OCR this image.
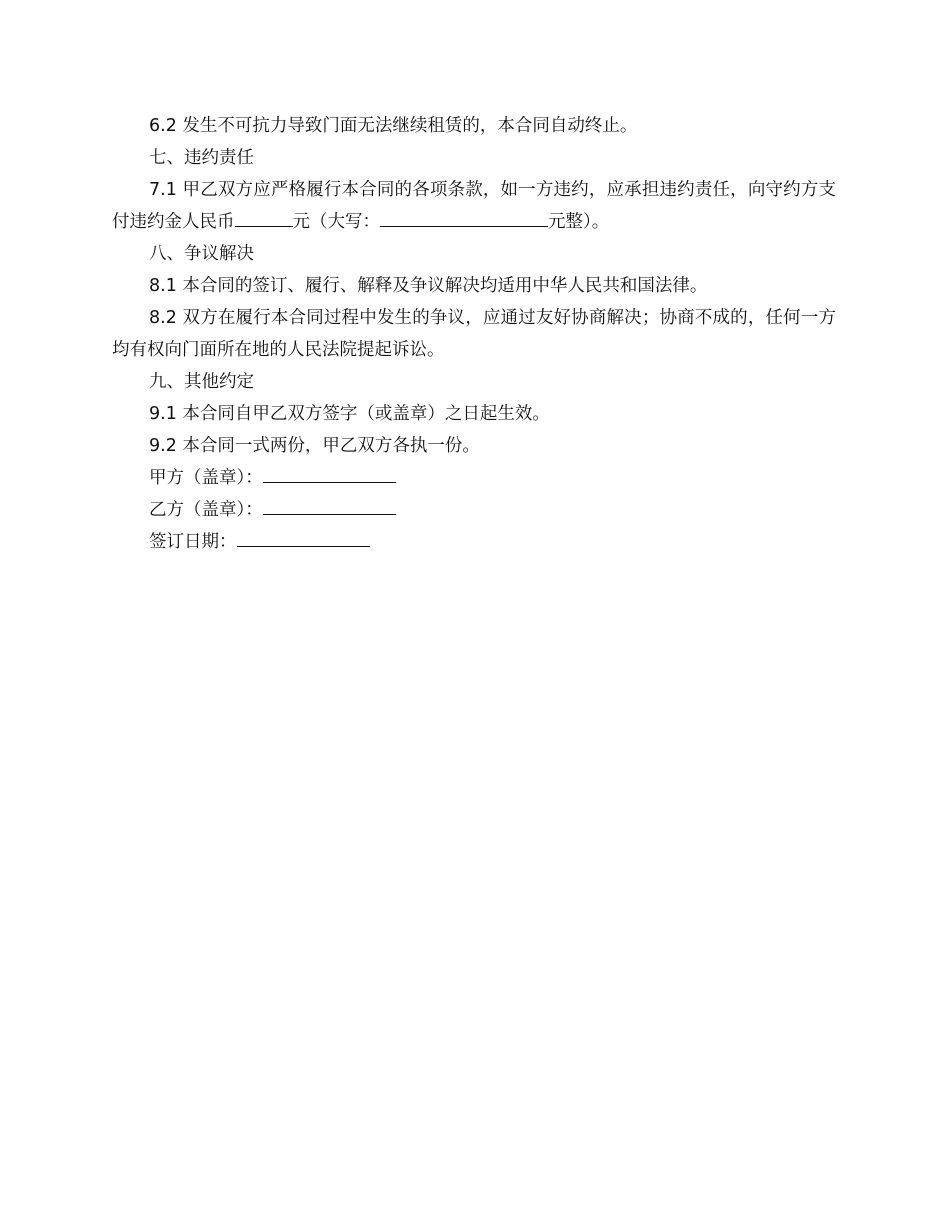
6.2 发生不可抗力导致门面无法继续租赁的，本合同自动终止。

七、违约责任

7.1 甲乙双方应严格履行本合同的各项条款，如一方违约，应承担违约责任，向守约方支付违约金人民币	元（大写：	元整）。

八、争议解决

8.1 本合同的签订、履行、解释及争议解决均适用中华人民共和国法律。

8.2 双方在履行本合同过程中发生的争议，应通过友好协商解决；协商不成的，任何一方均有权向门面所在地的人民法院提起诉讼。

九、其他约定

9.1 本合同自甲乙双方签字（或盖章）之日起生效。

9.2 本合同一式两份，甲乙双方各执一份。

甲方（盖章）：

乙方（盖章）：

签订日期：
